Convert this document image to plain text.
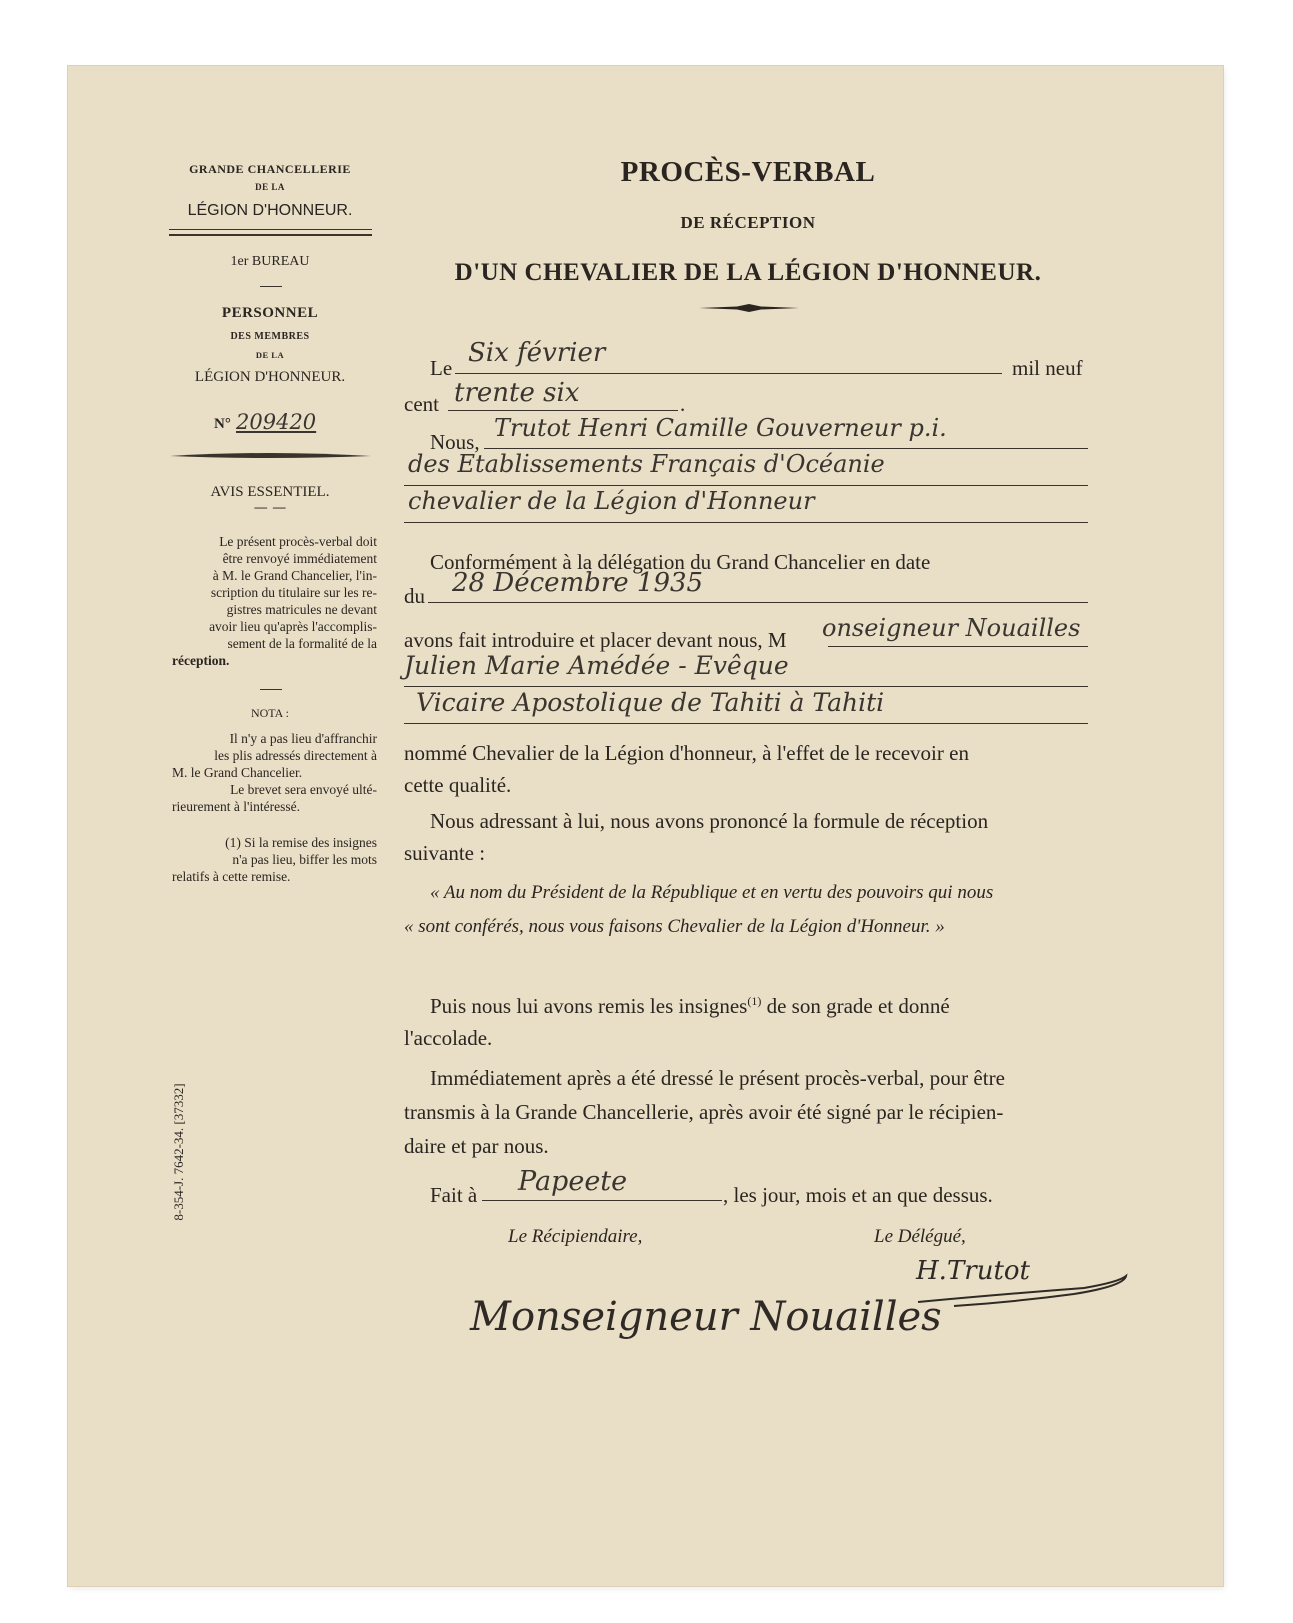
GRANDE CHANCELLERIE
DE LA
LÉGION D'HONNEUR.
1er BUREAU
PERSONNEL
DES MEMBRES
DE LA
LÉGION D'HONNEUR.
N° 209420
AVIS ESSENTIEL.
— —
Le présent procès-verbal doit
être renvoyé immédiatement
à M. le Grand Chancelier, l'in-
scription du titulaire sur les re-
gistres matricules ne devant
avoir lieu qu'après l'accomplis-
sement de la formalité de la
réception.
NOTA :
Il n'y a pas lieu d'affranchir
les plis adressés directement à
M. le Grand Chancelier.
Le brevet sera envoyé ulté-
rieurement à l'intéressé.
(1) Si la remise des insignes
n'a pas lieu, biffer les mots
relatifs à cette remise.
8-354-J. 7642-34. [37332]
PROCÈS-VERBAL
DE RÉCEPTION
D'UN CHEVALIER DE LA LÉGION D'HONNEUR.
Le Six février	mil neuf
cent trente six	.
Nous, Trutot Henri Camille Gouverneur p.i.
des Etablissements Français d'Océanie
chevalier de la Légion d'Honneur
Conformément à la délégation du Grand Chancelier en date
du 28 Décembre 1935
avons fait introduire et placer devant nous, M onseigneur Nouailles
Julien Marie Amédée - Evêque
Vicaire Apostolique de Tahiti à Tahiti
nommé Chevalier de la Légion d'honneur, à l'effet de le recevoir en
cette qualité.
Nous adressant à lui, nous avons prononcé la formule de réception
suivante :
« Au nom du Président de la République et en vertu des pouvoirs qui nous
« sont conférés, nous vous faisons Chevalier de la Légion d'Honneur. »
Puis nous lui avons remis les insignes$^{(1)}$ de son grade et donné
l'accolade.
Immédiatement après a été dressé le présent procès-verbal, pour être
transmis à la Grande Chancellerie, après avoir été signé par le récipien-
daire et par nous.
Fait à Papeete	, les jour, mois et an que dessus.
Le Récipiendaire,	Le Délégué,
Monseigneur Nouailles
H.Trutot
